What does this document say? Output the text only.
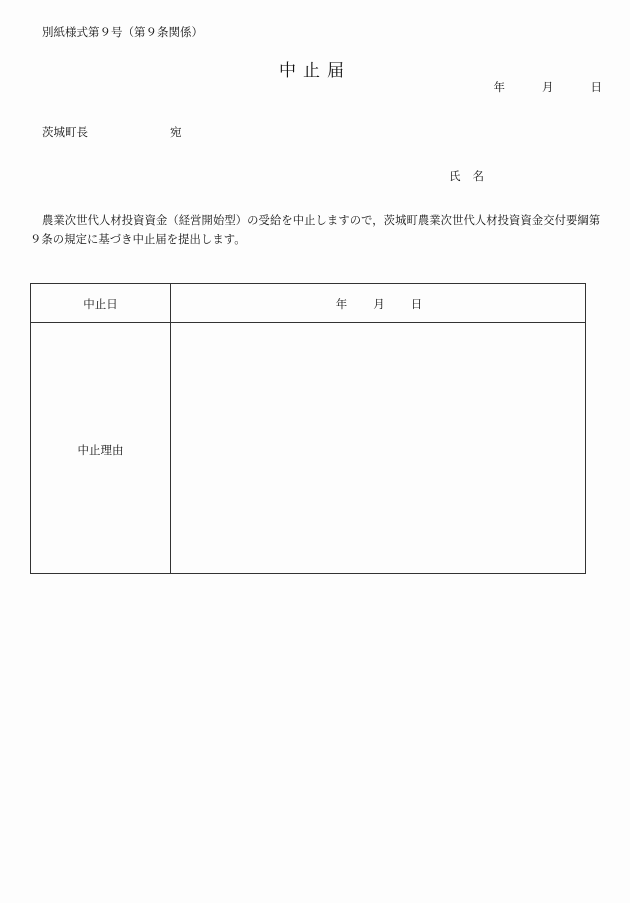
別紙様式第９号（第９条関係）
中止届
年	月	日
茨城町長	宛
氏名
農業次世代人材投資資金（経営開始型）の受給を中止しますので，茨城町農業次世代人材投資資金交付要綱第９条の規定に基づき中止届を提出します。
中止日	年 月 日
中止理由
